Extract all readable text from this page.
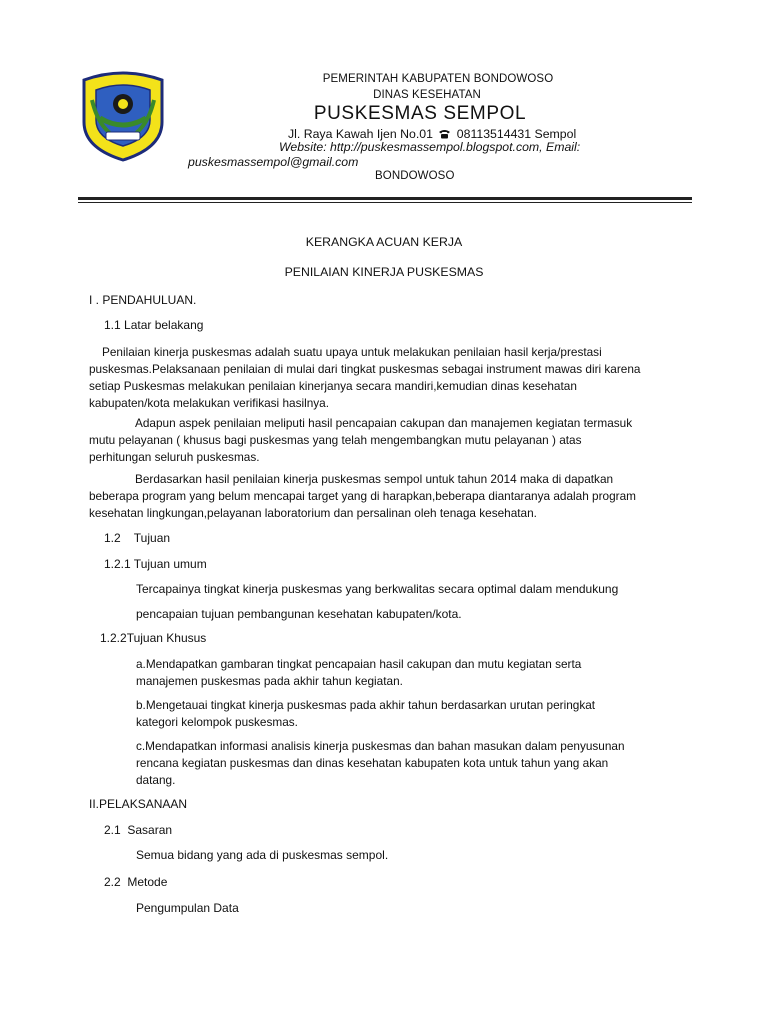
PEMERINTAH KABUPATEN BONDOWOSO
DINAS KESEHATAN
PUSKESMAS SEMPOL
Jl. Raya Kawah Ijen No.01 08113514431 Sempol
Website: http://puskesmassempol.blogspot.com, Email:
puskesmassempol@gmail.com
BONDOWOSO
KERANGKA ACUAN KERJA
PENILAIAN KINERJA PUSKESMAS
I . PENDAHULUAN.
1.1 Latar belakang
Penilaian kinerja puskesmas adalah suatu upaya untuk melakukan penilaian hasil kerja/prestasi
puskesmas.Pelaksanaan penilaian di mulai dari tingkat puskesmas sebagai instrument mawas diri karena
setiap Puskesmas melakukan penilaian kinerjanya secara mandiri,kemudian dinas kesehatan
kabupaten/kota melakukan verifikasi hasilnya.
Adapun aspek penilaian meliputi hasil pencapaian cakupan dan manajemen kegiatan termasuk
mutu pelayanan ( khusus bagi puskesmas yang telah mengembangkan mutu pelayanan ) atas
perhitungan seluruh puskesmas.
Berdasarkan hasil penilaian kinerja puskesmas sempol untuk tahun 2014 maka di dapatkan
beberapa program yang belum mencapai target yang di harapkan,beberapa diantaranya adalah program
kesehatan lingkungan,pelayanan laboratorium dan persalinan oleh tenaga kesehatan.
1.2    Tujuan
1.2.1 Tujuan umum
Tercapainya tingkat kinerja puskesmas yang berkwalitas secara optimal dalam mendukung
pencapaian tujuan pembangunan kesehatan kabupaten/kota.
1.2.2Tujuan Khusus
a.Mendapatkan gambaran tingkat pencapaian hasil cakupan dan mutu kegiatan serta
manajemen puskesmas pada akhir tahun kegiatan.
b.Mengetauai tingkat kinerja puskesmas pada akhir tahun berdasarkan urutan peringkat
kategori kelompok puskesmas.
c.Mendapatkan informasi analisis kinerja puskesmas dan bahan masukan dalam penyusunan
rencana kegiatan puskesmas dan dinas kesehatan kabupaten kota untuk tahun yang akan
datang.
II.PELAKSANAAN
2.1  Sasaran
Semua bidang yang ada di puskesmas sempol.
2.2  Metode
Pengumpulan Data
